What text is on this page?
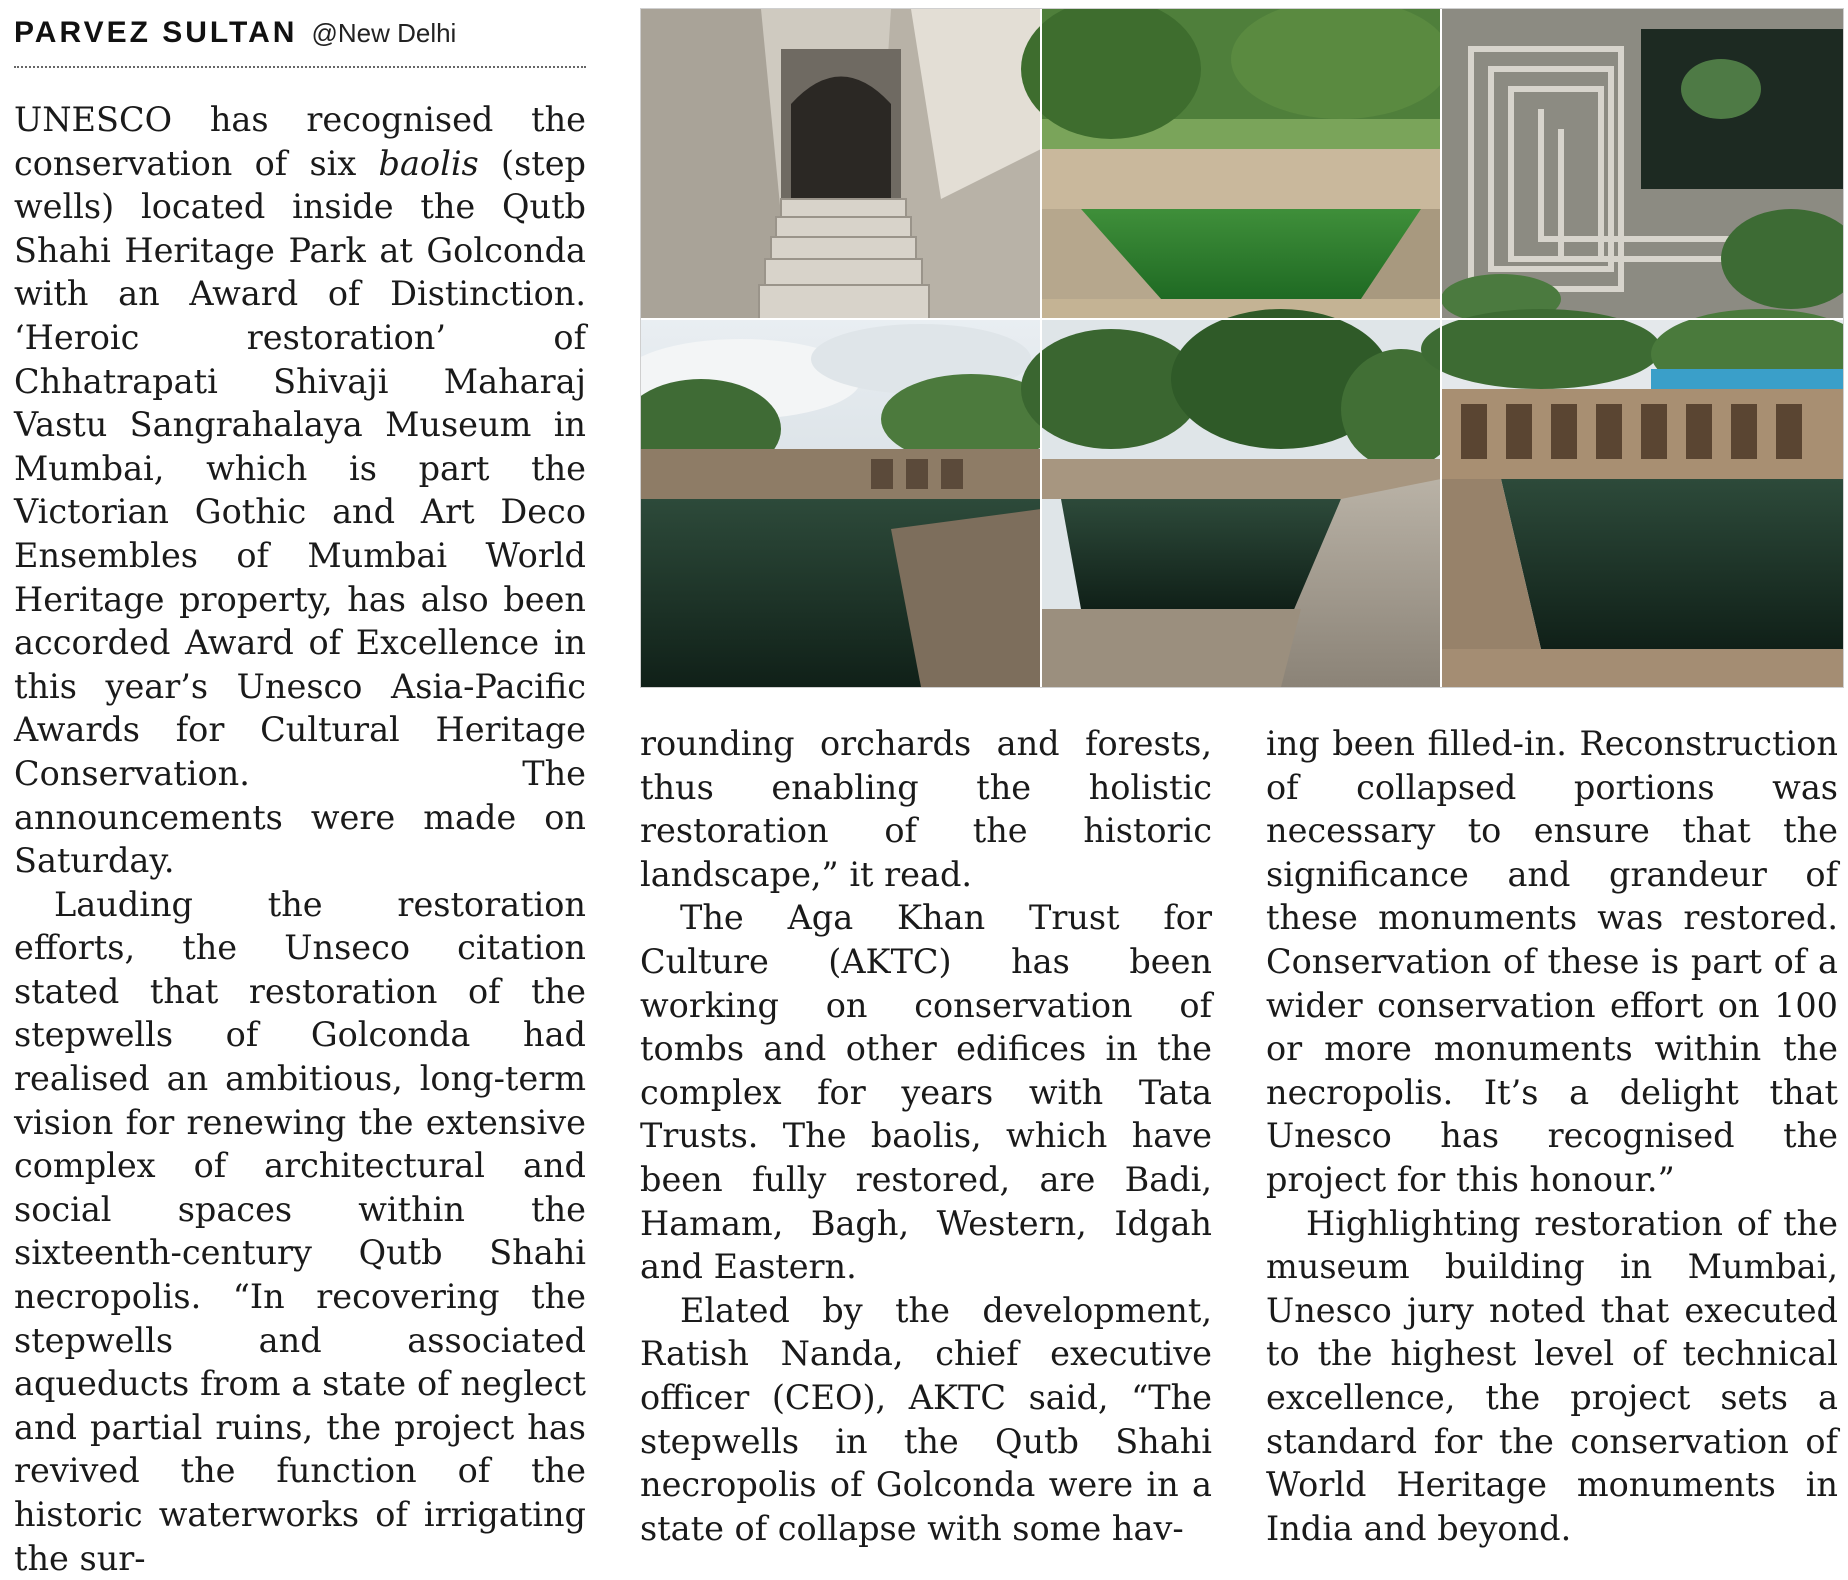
PARVEZ SULTAN @New Delhi

UNESCO has recognised the conservation of six baolis (step wells) located inside the Qutb Shahi Heritage Park at Golconda with an Award of Distinction. ‘Heroic restoration’ of Chhatrapati Shivaji Maharaj Vastu Sangrahalaya Museum in Mumbai, which is part the Victorian Gothic and Art Deco Ensembles of Mumbai World Heritage property, has also been accorded Award of Excellence in this year’s Unesco Asia-Pacific Awards for Cultural Heritage Conservation. The announcements were made on Saturday.

Lauding the restoration efforts, the Unseco citation stated that restoration of the stepwells of Golconda had realised an ambitious, long-term vision for renewing the extensive complex of architectural and social spaces within the sixteenth-century Qutb Shahi necropolis. “In recovering the stepwells and associated aqueducts from a state of neglect and partial ruins, the project has revived the function of the historic waterworks of irrigating the sur-

rounding orchards and forests, thus enabling the holistic restoration of the historic landscape,” it read.

The Aga Khan Trust for Culture (AKTC) has been working on conservation of tombs and other edifices in the complex for years with Tata Trusts. The baolis, which have been fully restored, are Badi, Hamam, Bagh, Western, Idgah and Eastern.

Elated by the development, Ratish Nanda, chief executive officer (CEO), AKTC said, “The stepwells in the Qutb Shahi necropolis of Golconda were in a state of collapse with some hav-

ing been filled-in. Reconstruction of collapsed portions was necessary to ensure that the significance and grandeur of these monuments was restored. Conservation of these is part of a wider conservation effort on 100 or more monuments within the necropolis. It’s a delight that Unesco has recognised the project for this honour.”

Highlighting restoration of the museum building in Mumbai, Unesco jury noted that executed to the highest level of technical excellence, the project sets a standard for the conservation of World Heritage monuments in India and beyond.
